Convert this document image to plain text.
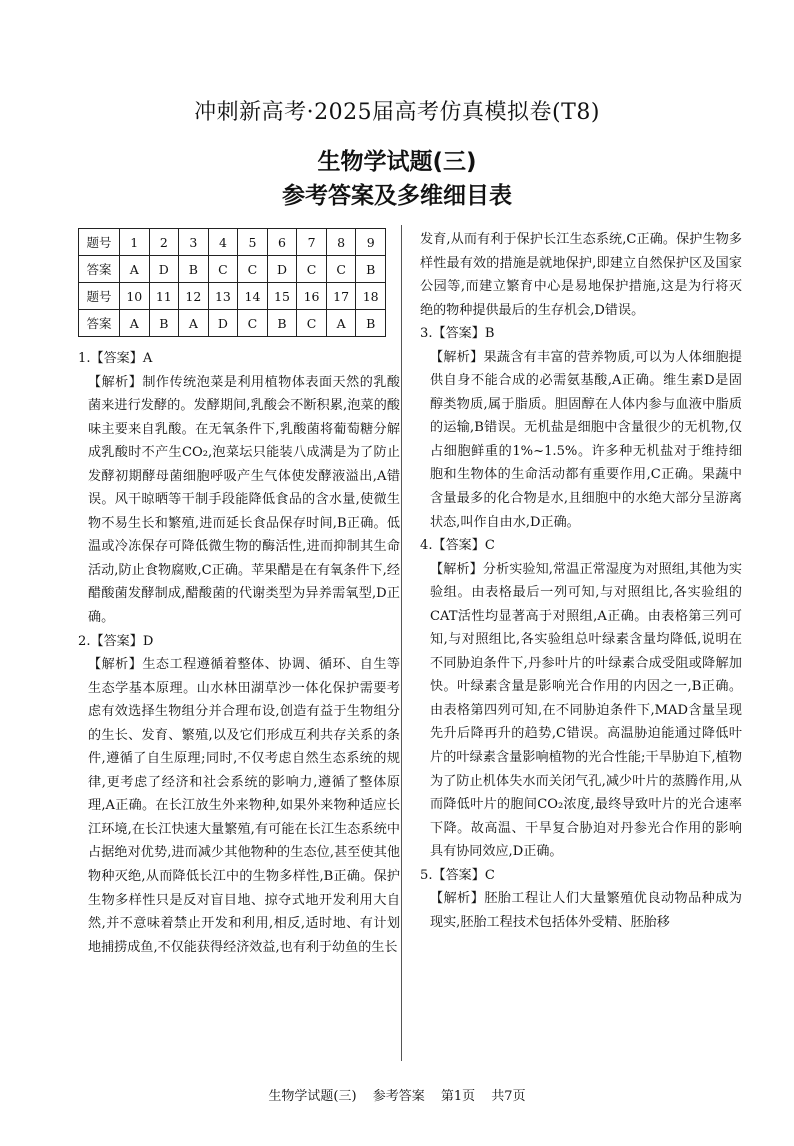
冲刺新高考·2025届高考仿真模拟卷(T8)
生物学试题(三)
参考答案及多维细目表
题号	1	2	3	4	5	6	7	8	9
答案	A	D	B	C	C	D	C	C	B
题号	10	11	12	13	14	15	16	17	18
答案	A	B	A	D	C	B	C	A	B

1.【答案】A

【解析】制作传统泡菜是利用植物体表面天然的乳酸菌来进行发酵的。发酵期间,乳酸会不断积累,泡菜的酸味主要来自乳酸。在无氧条件下,乳酸菌将葡萄糖分解成乳酸时不产生CO₂,泡菜坛只能装八成满是为了防止发酵初期酵母菌细胞呼吸产生气体使发酵液溢出,A错误。风干晾晒等干制手段能降低食品的含水量,使微生物不易生长和繁殖,进而延长食品保存时间,B正确。低温或冷冻保存可降低微生物的酶活性,进而抑制其生命活动,防止食物腐败,C正确。苹果醋是在有氧条件下,经醋酸菌发酵制成,醋酸菌的代谢类型为异养需氧型,D正确。

2.【答案】D

【解析】生态工程遵循着整体、协调、循环、自生等生态学基本原理。山水林田湖草沙一体化保护需要考虑有效选择生物组分并合理布设,创造有益于生物组分的生长、发育、繁殖,以及它们形成互利共存关系的条件,遵循了自生原理;同时,不仅考虑自然生态系统的规律,更考虑了经济和社会系统的影响力,遵循了整体原理,A正确。在长江放生外来物种,如果外来物种适应长江环境,在长江快速大量繁殖,有可能在长江生态系统中占据绝对优势,进而减少其他物种的生态位,甚至使其他物种灭绝,从而降低长江中的生物多样性,B正确。保护生物多样性只是反对盲目地、掠夺式地开发利用大自然,并不意味着禁止开发和利用,相反,适时地、有计划地捕捞成鱼,不仅能获得经济效益,也有利于幼鱼的生长

发育,从而有利于保护长江生态系统,C正确。保护生物多样性最有效的措施是就地保护,即建立自然保护区及国家公园等,而建立繁育中心是易地保护措施,这是为行将灭绝的物种提供最后的生存机会,D错误。

3.【答案】B

【解析】果蔬含有丰富的营养物质,可以为人体细胞提供自身不能合成的必需氨基酸,A正确。维生素D是固醇类物质,属于脂质。胆固醇在人体内参与血液中脂质的运输,B错误。无机盐是细胞中含量很少的无机物,仅占细胞鲜重的1%~1.5%。许多种无机盐对于维持细胞和生物体的生命活动都有重要作用,C正确。果蔬中含量最多的化合物是水,且细胞中的水绝大部分呈游离状态,叫作自由水,D正确。

4.【答案】C

【解析】分析实验知,常温正常湿度为对照组,其他为实验组。由表格最后一列可知,与对照组比,各实验组的CAT活性均显著高于对照组,A正确。由表格第三列可知,与对照组比,各实验组总叶绿素含量均降低,说明在不同胁迫条件下,丹参叶片的叶绿素合成受阻或降解加快。叶绿素含量是影响光合作用的内因之一,B正确。由表格第四列可知,在不同胁迫条件下,MAD含量呈现先升后降再升的趋势,C错误。高温胁迫能通过降低叶片的叶绿素含量影响植物的光合性能;干旱胁迫下,植物为了防止机体失水而关闭气孔,减少叶片的蒸腾作用,从而降低叶片的胞间CO₂浓度,最终导致叶片的光合速率下降。故高温、干旱复合胁迫对丹参光合作用的影响具有协同效应,D正确。

5.【答案】C

【解析】胚胎工程让人们大量繁殖优良动物品种成为现实,胚胎工程技术包括体外受精、胚胎移

生物学试题(三) 参考答案 第1页 共7页
